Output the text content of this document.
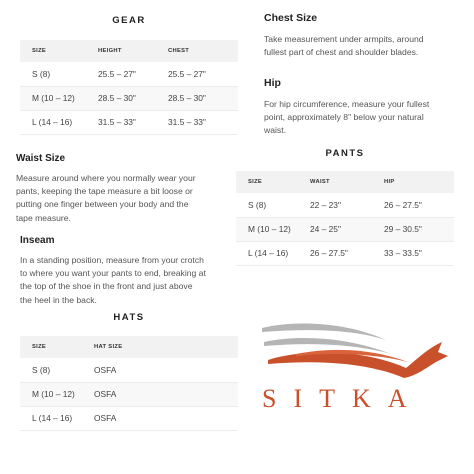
GEAR
SIZE	HEIGHT	CHEST
S (8)	25.5 – 27"	25.5 – 27"
M (10 – 12)	28.5 – 30"	28.5 – 30"
L (14 – 16)	31.5 – 33"	31.5 – 33"
Chest Size
Take measurement under armpits, around fullest part of chest and shoulder blades.
Hip
For hip circumference, measure your fullest point, approximately 8" below your natural waist.
Waist Size
Measure around where you normally wear your pants, keeping the tape measure a bit loose or putting one finger between your body and the tape measure.
Inseam
In a standing position, measure from your crotch to where you want your pants to end, breaking at the top of the shoe in the front and just above the heel in the back.
PANTS
SIZE	WAIST	HIP
S (8)	22 – 23"	26 – 27.5"
M (10 – 12)	24 – 25"	29 – 30.5"
L (14 – 16)	26 – 27.5"	33 – 33.5"
HATS
SIZE	HAT SIZE
S (8)	OSFA
M (10 – 12)	OSFA
L (14 – 16)	OSFA
SITKA
